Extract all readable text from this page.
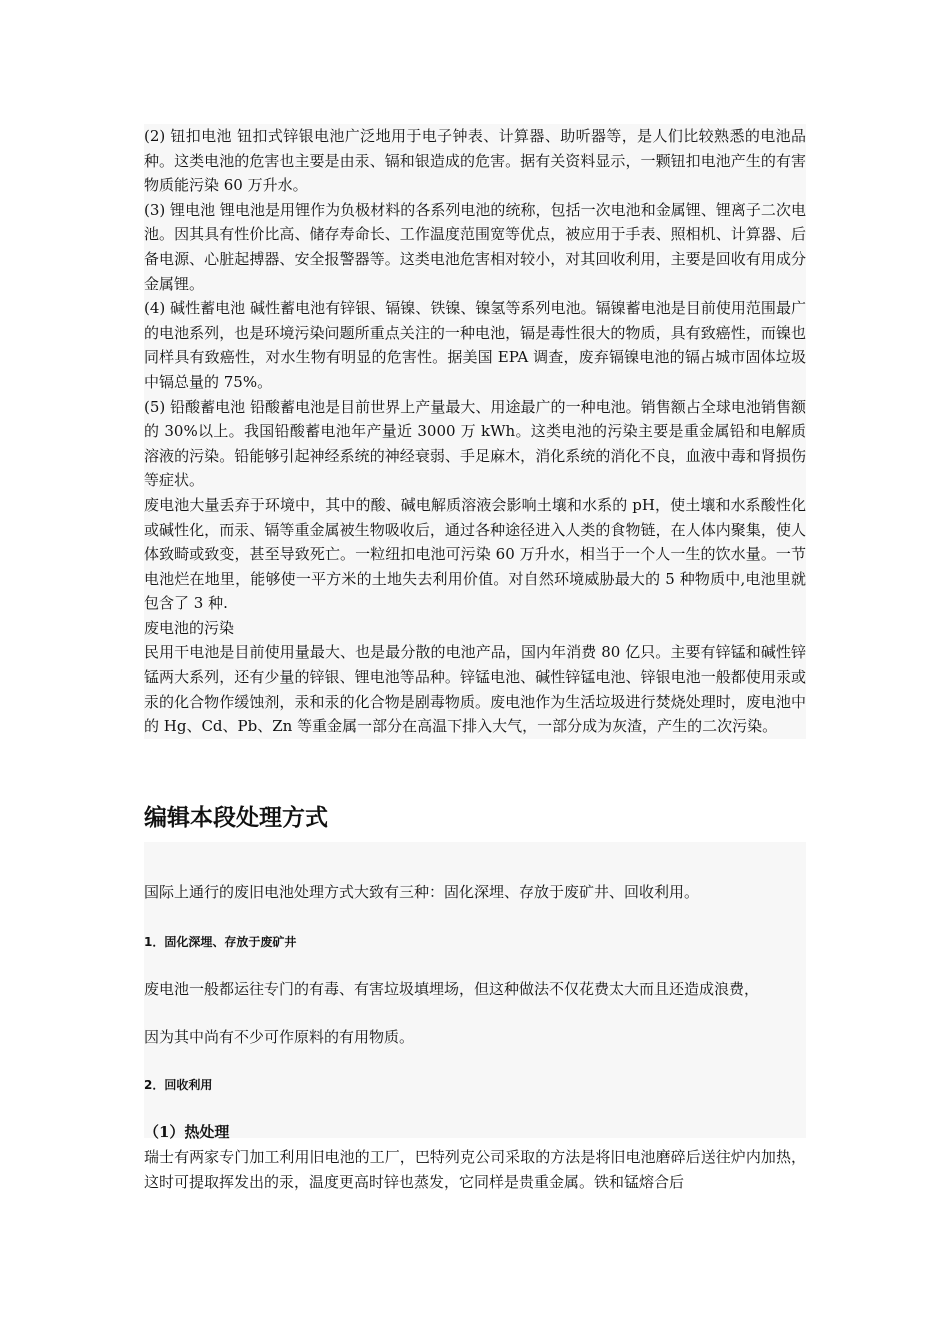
(2) 钮扣电池 钮扣式锌银电池广泛地用于电子钟表、计算器、助听器等，是人们比较熟悉的电池品种。这类电池的危害也主要是由汞、镉和银造成的危害。据有关资料显示，一颗钮扣电池产生的有害物质能污染 60 万升水。

(3) 锂电池 锂电池是用锂作为负极材料的各系列电池的统称，包括一次电池和金属锂、锂离子二次电池。因其具有性价比高、储存寿命长、工作温度范围宽等优点，被应用于手表、照相机、计算器、后备电源、心脏起搏器、安全报警器等。这类电池危害相对较小，对其回收利用，主要是回收有用成分金属锂。

(4) 碱性蓄电池 碱性蓄电池有锌银、镉镍、铁镍、镍氢等系列电池。镉镍蓄电池是目前使用范围最广的电池系列，也是环境污染问题所重点关注的一种电池，镉是毒性很大的物质，具有致癌性，而镍也同样具有致癌性，对水生物有明显的危害性。据美国 EPA 调查，废弃镉镍电池的镉占城市固体垃圾中镉总量的 75%。

(5) 铅酸蓄电池 铅酸蓄电池是目前世界上产量最大、用途最广的一种电池。销售额占全球电池销售额的 30%以上。我国铅酸蓄电池年产量近 3000 万 kWh。这类电池的污染主要是重金属铅和电解质溶液的污染。铅能够引起神经系统的神经衰弱、手足麻木，消化系统的消化不良，血液中毒和肾损伤等症状。

废电池大量丢弃于环境中，其中的酸、碱电解质溶液会影响土壤和水系的 pH，使土壤和水系酸性化或碱性化，而汞、镉等重金属被生物吸收后，通过各种途径进入人类的食物链，在人体内聚集，使人体致畸或致变，甚至导致死亡。一粒纽扣电池可污染 60 万升水，相当于一个人一生的饮水量。一节电池烂在地里，能够使一平方米的土地失去利用价值。对自然环境威胁最大的 5 种物质中,电池里就包含了 3 种.

废电池的污染

民用干电池是目前使用量最大、也是最分散的电池产品，国内年消费 80 亿只。主要有锌锰和碱性锌锰两大系列，还有少量的锌银、锂电池等品种。锌锰电池、碱性锌锰电池、锌银电池一般都使用汞或汞的化合物作缓蚀剂，汞和汞的化合物是剧毒物质。废电池作为生活垃圾进行焚烧处理时，废电池中的 Hg、Cd、Pb、Zn 等重金属一部分在高温下排入大气，一部分成为灰渣，产生的二次污染。

编辑本段处理方式
国际上通行的废旧电池处理方式大致有三种：固化深埋、存放于废矿井、回收利用。
1．固化深埋、存放于废矿井
废电池一般都运往专门的有毒、有害垃圾填埋场，但这种做法不仅花费太大而且还造成浪费，
因为其中尚有不少可作原料的有用物质。
2．回收利用
（1）热处理

瑞士有两家专门加工利用旧电池的工厂，巴特列克公司采取的方法是将旧电池磨碎后送往炉内加热，这时可提取挥发出的汞，温度更高时锌也蒸发，它同样是贵重金属。铁和锰熔合后
